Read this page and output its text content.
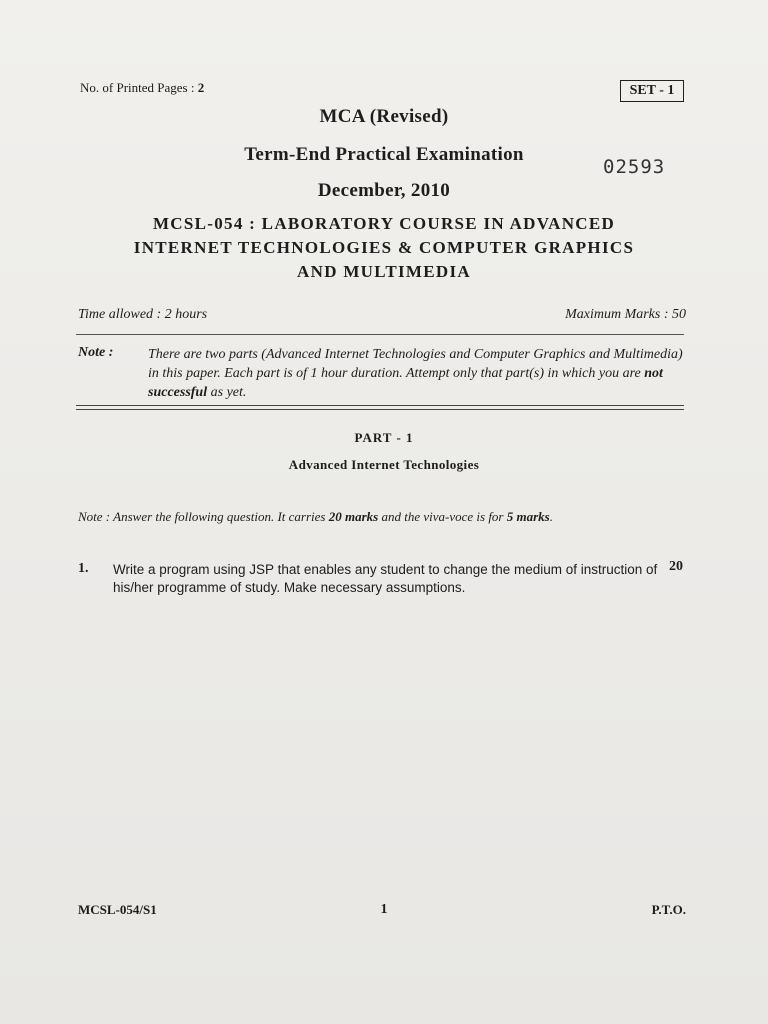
No. of Printed Pages : 2	SET - 1
MCA (Revised)
Term-End Practical Examination
02593
December, 2010
MCSL-054 : LABORATORY COURSE IN ADVANCED
INTERNET TECHNOLOGIES & COMPUTER GRAPHICS
AND MULTIMEDIA
Time allowed : 2 hours	Maximum Marks : 50
Note : There are two parts (Advanced Internet Technologies and Computer Graphics and Multimedia) in this paper. Each part is of 1 hour duration. Attempt only that part(s) in which you are not successful as yet.
PART - 1
Advanced Internet Technologies
Note : Answer the following question. It carries 20 marks and the viva-voce is for 5 marks.
1. Write a program using JSP that enables any student to change the medium of instruction of his/her programme of study. Make necessary assumptions.
20
MCSL-054/S1	1	P.T.O.
